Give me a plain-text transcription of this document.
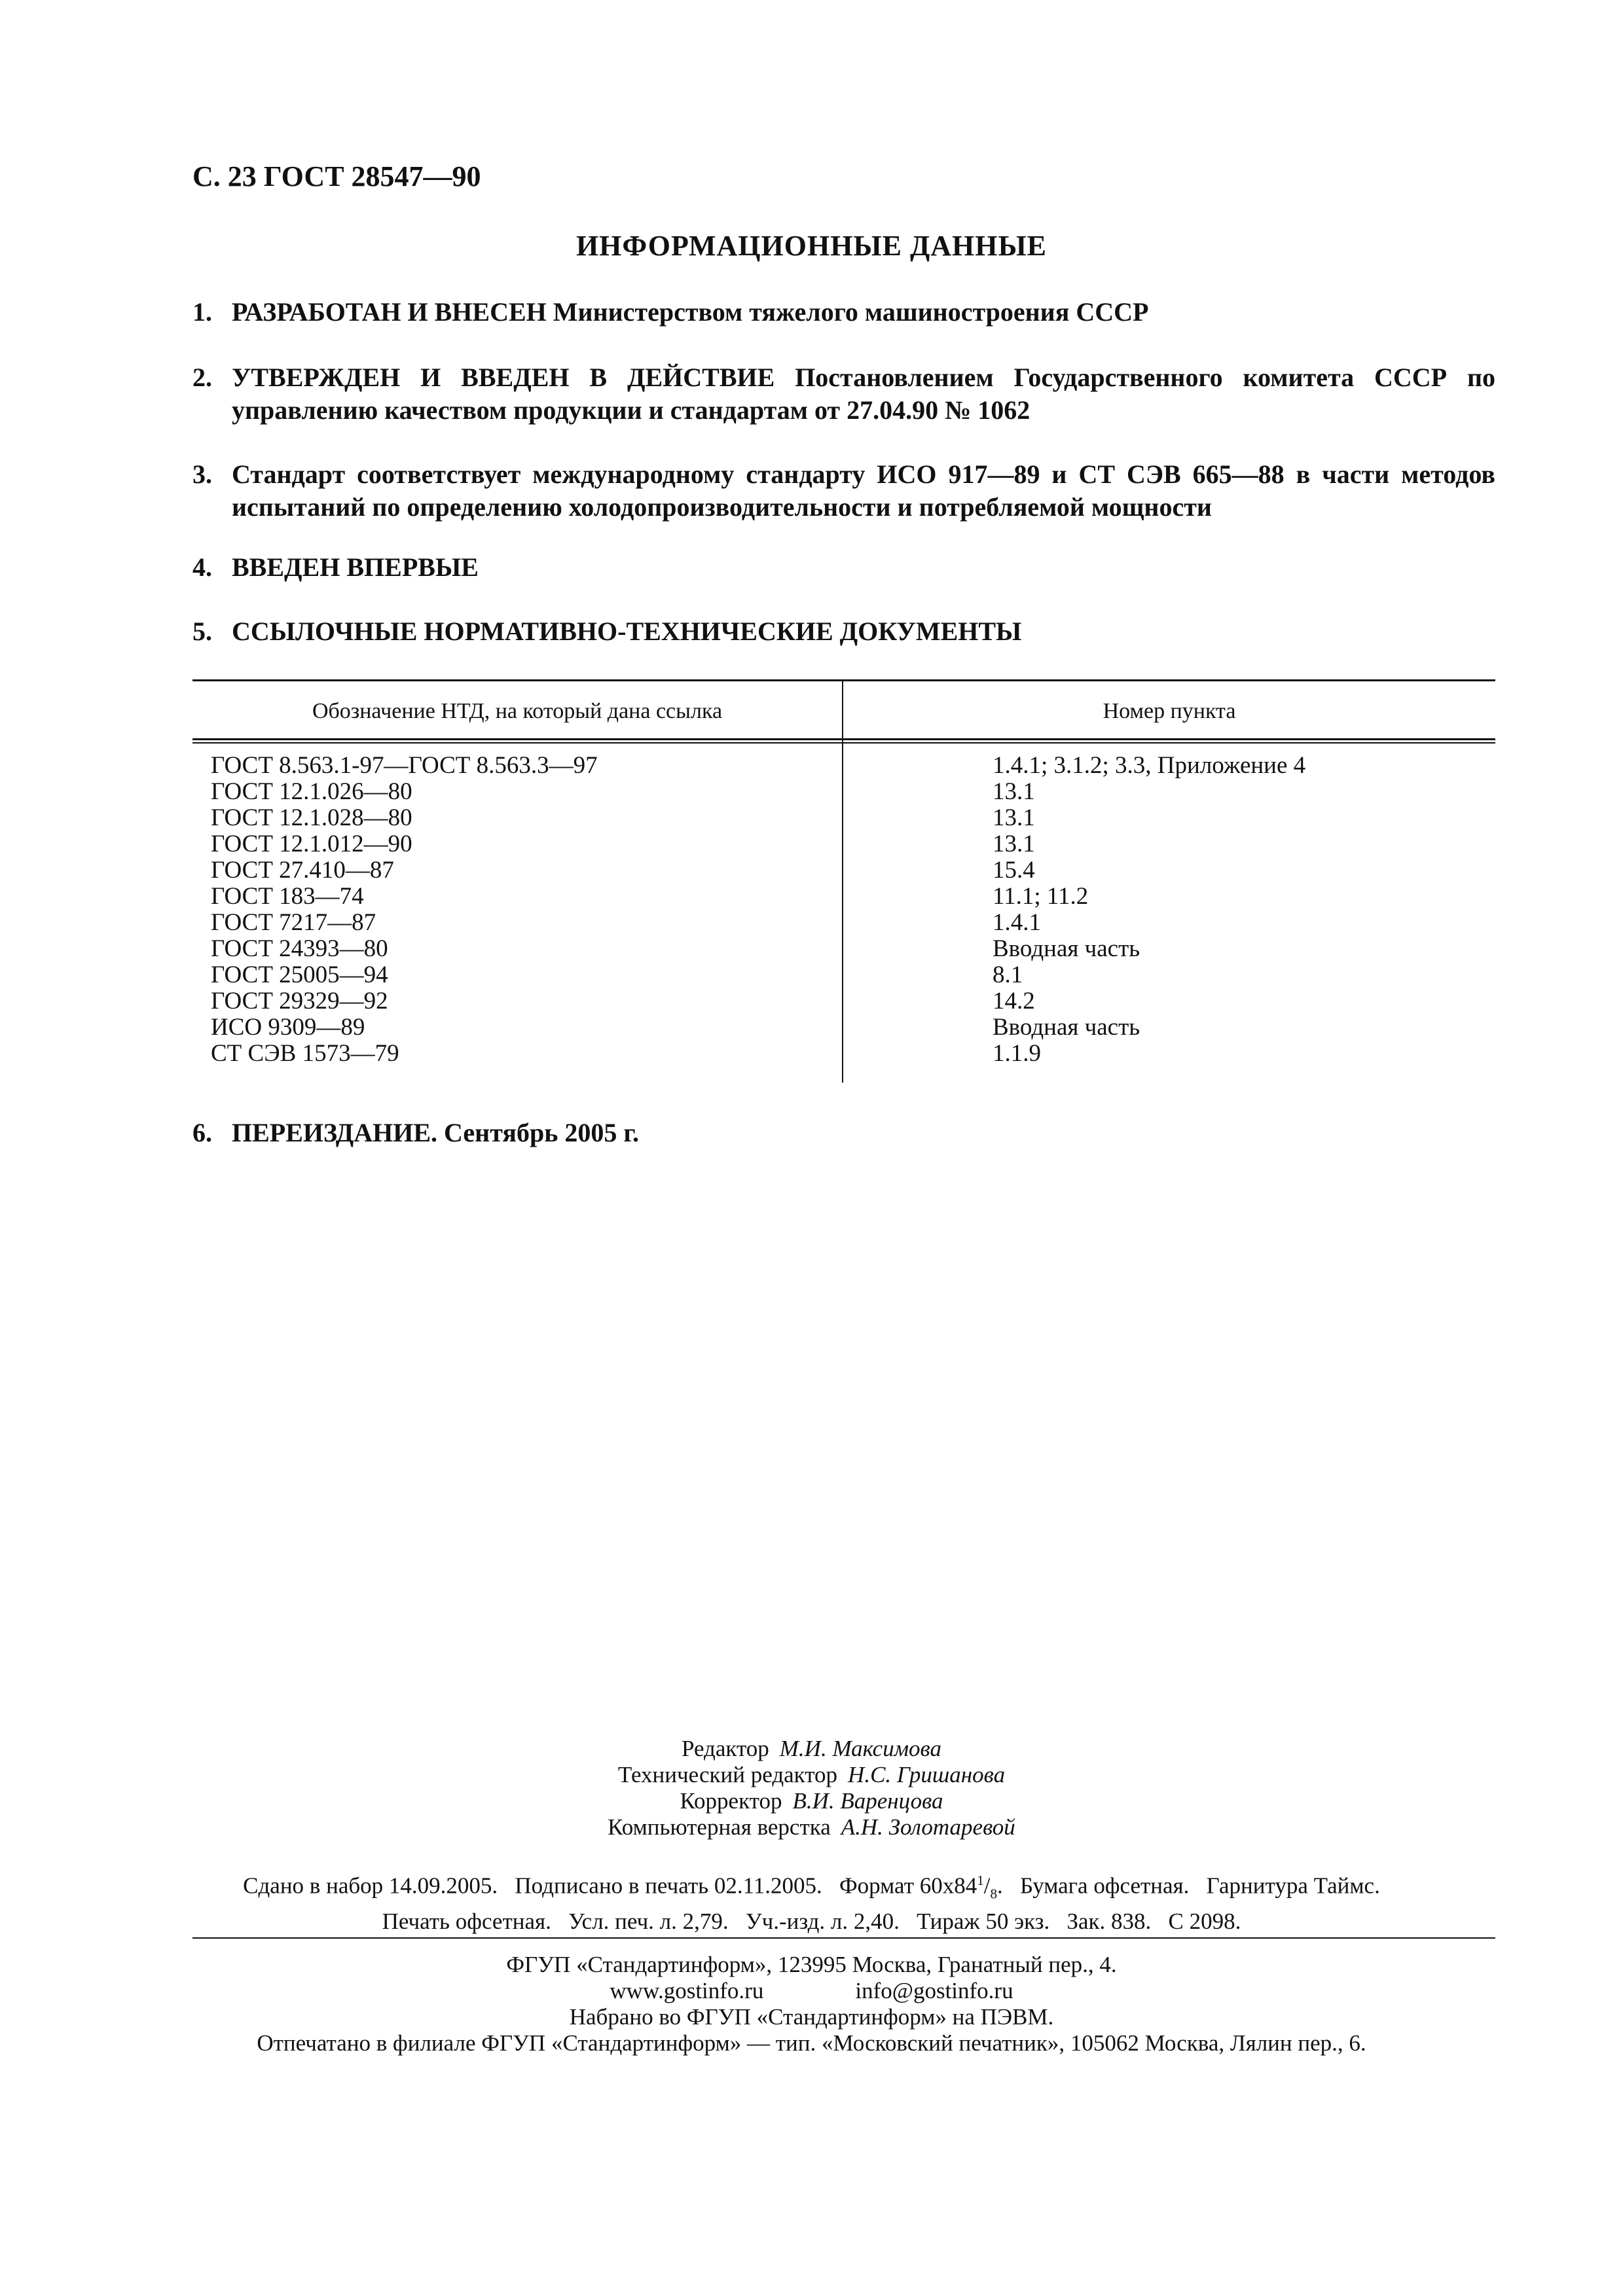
С. 23 ГОСТ 28547—90
ИНФОРМАЦИОННЫЕ ДАННЫЕ
1. РАЗРАБОТАН И ВНЕСЕН Министерством тяжелого машиностроения СССР
2. УТВЕРЖДЕН И ВВЕДЕН В ДЕЙСТВИЕ Постановлением Государственного комитета СССР по управлению качеством продукции и стандартам от 27.04.90 № 1062
3. Стандарт соответствует международному стандарту ИСО 917—89 и СТ СЭВ 665—88 в части методов испытаний по определению холодопроизводительности и потребляемой мощности
4. ВВЕДЕН ВПЕРВЫЕ
5. ССЫЛОЧНЫЕ НОРМАТИВНО-ТЕХНИЧЕСКИЕ ДОКУМЕНТЫ
Обозначение НТД, на который дана ссылка	Номер пункта
ГОСТ 8.563.1-97—ГОСТ 8.563.3—97
ГОСТ 12.1.026—80
ГОСТ 12.1.028—80
ГОСТ 12.1.012—90
ГОСТ 27.410—87
ГОСТ 183—74
ГОСТ 7217—87
ГОСТ 24393—80
ГОСТ 25005—94
ГОСТ 29329—92
ИСО 9309—89
СТ СЭВ 1573—79
1.4.1; 3.1.2; 3.3, Приложение 4
13.1
13.1
13.1
15.4
11.1; 11.2
1.4.1
Вводная часть
8.1
14.2
Вводная часть
1.1.9
6. ПЕРЕИЗДАНИЕ. Сентябрь 2005 г.
Редактор М.И. Максимова
Технический редактор Н.С. Гришанова
Корректор В.И. Варенцова
Компьютерная верстка А.Н. Золотаревой
Сдано в набор 14.09.2005.   Подписано в печать 02.11.2005.   Формат $60x84^1/_8$.   Бумага офсетная.   Гарнитура Таймс.
Печать офсетная.   Усл. печ. л. 2,79.   Уч.-изд. л. 2,40.   Тираж 50 экз.   Зак. 838.   С 2098.
ФГУП «Стандартинформ», 123995 Москва, Гранатный пер., 4.
www.gostinfo.ru	info@gostinfo.ru
Набрано во ФГУП «Стандартинформ» на ПЭВМ.
Отпечатано в филиале ФГУП «Стандартинформ» — тип. «Московский печатник», 105062 Москва, Лялин пер., 6.
